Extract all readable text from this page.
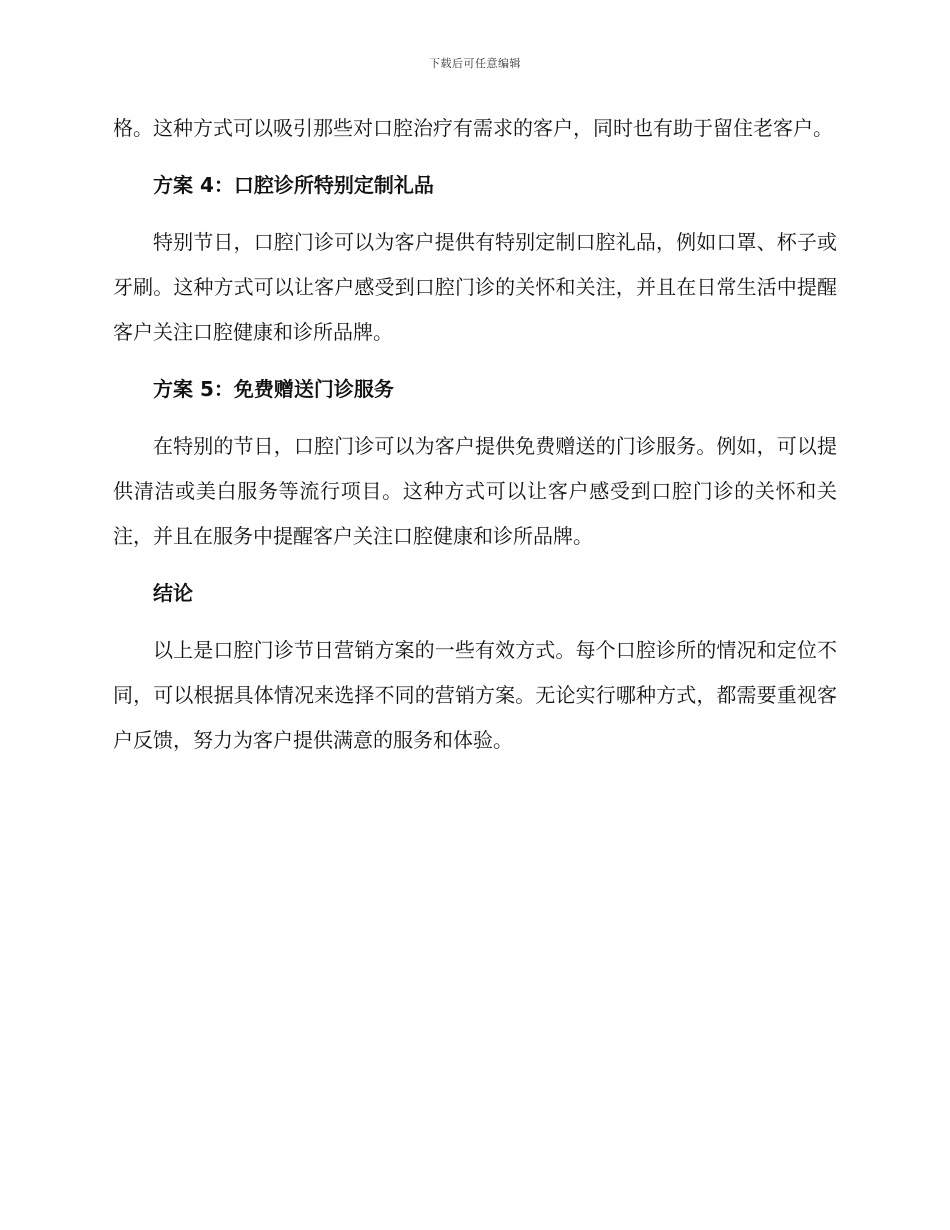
下载后可任意编辑

格。这种方式可以吸引那些对口腔治疗有需求的客户，同时也有助于留住老客户。

方案 4：口腔诊所特别定制礼品

特别节日，口腔门诊可以为客户提供有特别定制口腔礼品，例如口罩、杯子或牙刷。这种方式可以让客户感受到口腔门诊的关怀和关注，并且在日常生活中提醒客户关注口腔健康和诊所品牌。

方案 5：免费赠送门诊服务

在特别的节日，口腔门诊可以为客户提供免费赠送的门诊服务。例如，可以提供清洁或美白服务等流行项目。这种方式可以让客户感受到口腔门诊的关怀和关注，并且在服务中提醒客户关注口腔健康和诊所品牌。

结论

以上是口腔门诊节日营销方案的一些有效方式。每个口腔诊所的情况和定位不同，可以根据具体情况来选择不同的营销方案。无论实行哪种方式，都需要重视客户反馈，努力为客户提供满意的服务和体验。
